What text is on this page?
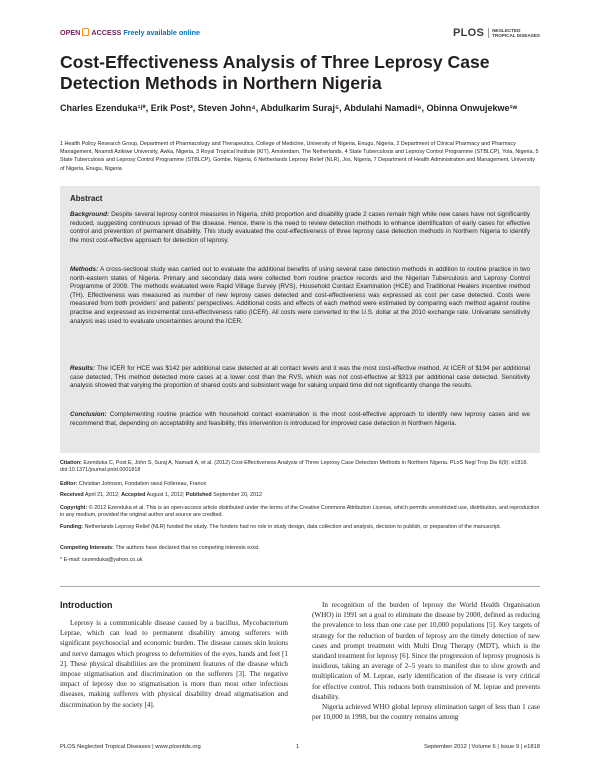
OPEN ACCESS Freely available online	PLOS	NEGLECTED
TROPICAL DISEASES
Cost-Effectiveness Analysis of Three Leprosy Case Detection Methods in Northern Nigeria
Charles Ezenduka¹ʲ*, Erik Post³, Steven John⁴, Abdulkarim Suraj⁵, Abdulahi Namadi⁶, Obinna Onwujekwe¹ʷ
1 Health Policy Research Group, Department of Pharmacology and Therapeutics, College of Medicine, University of Nigeria, Enugu, Nigeria, 2 Department of Clinical Pharmacy and Pharmacy Management, Nnamdi Azikiwe University, Awka, Nigeria, 3 Royal Tropical Institute (KIT), Amsterdam, The Netherlands, 4 State Tuberculosis and Leprosy Control Programme (STBLCP), Yola, Nigeria, 5 State Tuberculosis and Leprosy Control Programme (STBLCP), Gombe, Nigeria, 6 Netherlands Leprosy Relief (NLR), Jos, Nigeria, 7 Department of Health Administration and Management, University of Nigeria, Enugu, Nigeria
Abstract
Background: Despite several leprosy control measures in Nigeria, child proportion and disability grade 2 cases remain high while new cases have not significantly reduced, suggesting continuous spread of the disease. Hence, there is the need to review detection methods to enhance identification of early cases for effective control and prevention of permanent disability. This study evaluated the cost-effectiveness of three leprosy case detection methods in Northern Nigeria to identify the most cost-effective approach for detection of leprosy.
Methods: A cross-sectional study was carried out to evaluate the additional benefits of using several case detection methods in addition to routine practice in two north-eastern states of Nigeria. Primary and secondary data were collected from routine practice records and the Nigerian Tuberculosis and Leprosy Control Programme of 2009. The methods evaluated were Rapid Village Survey (RVS), Household Contact Examination (HCE) and Traditional Healers incentive method (TH). Effectiveness was measured as number of new leprosy cases detected and cost-effectiveness was expressed as cost per case detected. Costs were measured from both providers’ and patients’ perspectives. Additional costs and effects of each method were estimated by comparing each method against routine practise and expressed as incremental cost-effectiveness ratio (ICER). All costs were converted to the U.S. dollar at the 2010 exchange rate. Univariate sensitivity analysis was used to evaluate uncertainties around the ICER.
Results: The ICER for HCE was $142 per additional case detected at all contact levels and it was the most cost-effective method. At ICER of $194 per additional case detected, THs method detected more cases at a lower cost than the RVS, which was not cost-effective at $313 per additional case detected. Sensitivity analysis showed that varying the proportion of shared costs and subsistent wage for valuing unpaid time did not significantly change the results.
Conclusion: Complementing routine practice with household contact examination is the most cost-effective approach to identify new leprosy cases and we recommend that, depending on acceptability and feasibility, this intervention is introduced for improved case detection in Northern Nigeria.
Citation: Ezenduka C, Post E, John S, Suraj A, Namadi A, et al. (2012) Cost-Effectiveness Analysis of Three Leprosy Case Detection Methods in Northern Nigeria. PLoS Negl Trop Dis 6(9): e1818. doi:10.1371/journal.pntd.0001818
Editor: Christian Johnson, Fondation raoul Follereau, France
Received April 21, 2012; Accepted August 1, 2012; Published September 20, 2012
Copyright: © 2012 Ezenduka et al. This is an open-access article distributed under the terms of the Creative Commons Attribution License, which permits unrestricted use, distribution, and reproduction in any medium, provided the original author and source are credited.
Funding: Netherlands Leprosy Relief (NLR) funded the study. The funders had no role in study design, data collection and analysis, decision to publish, or preparation of the manuscript.
Competing Interests: The authors have declared that no competing interests exist.
* E-mail: cezenduka@yahoo.co.uk
Introduction

Leprosy is a communicable disease caused by a bacillus, Mycobacterium Leprae, which can lead to permanent disability among sufferers with significant psychosocial and economic burden. The disease causes skin lesions and nerve damages which progress to deformities of the eyes, hands and feet [1 2]. These physical disabilities are the prominent features of the disease which impose stigmatisation and discrimination on the sufferers [3]. The negative impact of leprosy due to stigmatisation is more than most other infectious diseases, making sufferers with physical disability dread stigmatisation and discrimination by the society [4].

In recognition of the burden of leprosy the World Health Organisation (WHO) in 1991 set a goal to eliminate the disease by 2000, defined as reducing the prevalence to less than one case per 10,000 populations [5]. Key targets of strategy for the reduction of burden of leprosy are the timely detection of new cases and prompt treatment with Multi Drug Therapy (MDT), which is the standard treatment for leprosy [6]. Since the progression of leprosy prognosis is insidious, taking an average of 2–5 years to manifest due to slow growth and multiplication of M. Leprae, early identification of the disease is very critical for effective control. This reduces both transmission of M. leprae and prevents disability.

Nigeria achieved WHO global leprosy elimination target of less than 1 case per 10,000 in 1998, but the country remains among

PLOS Neglected Tropical Diseases | www.plosntds.org	1	September 2012 | Volume 6 | Issue 9 | e1818
